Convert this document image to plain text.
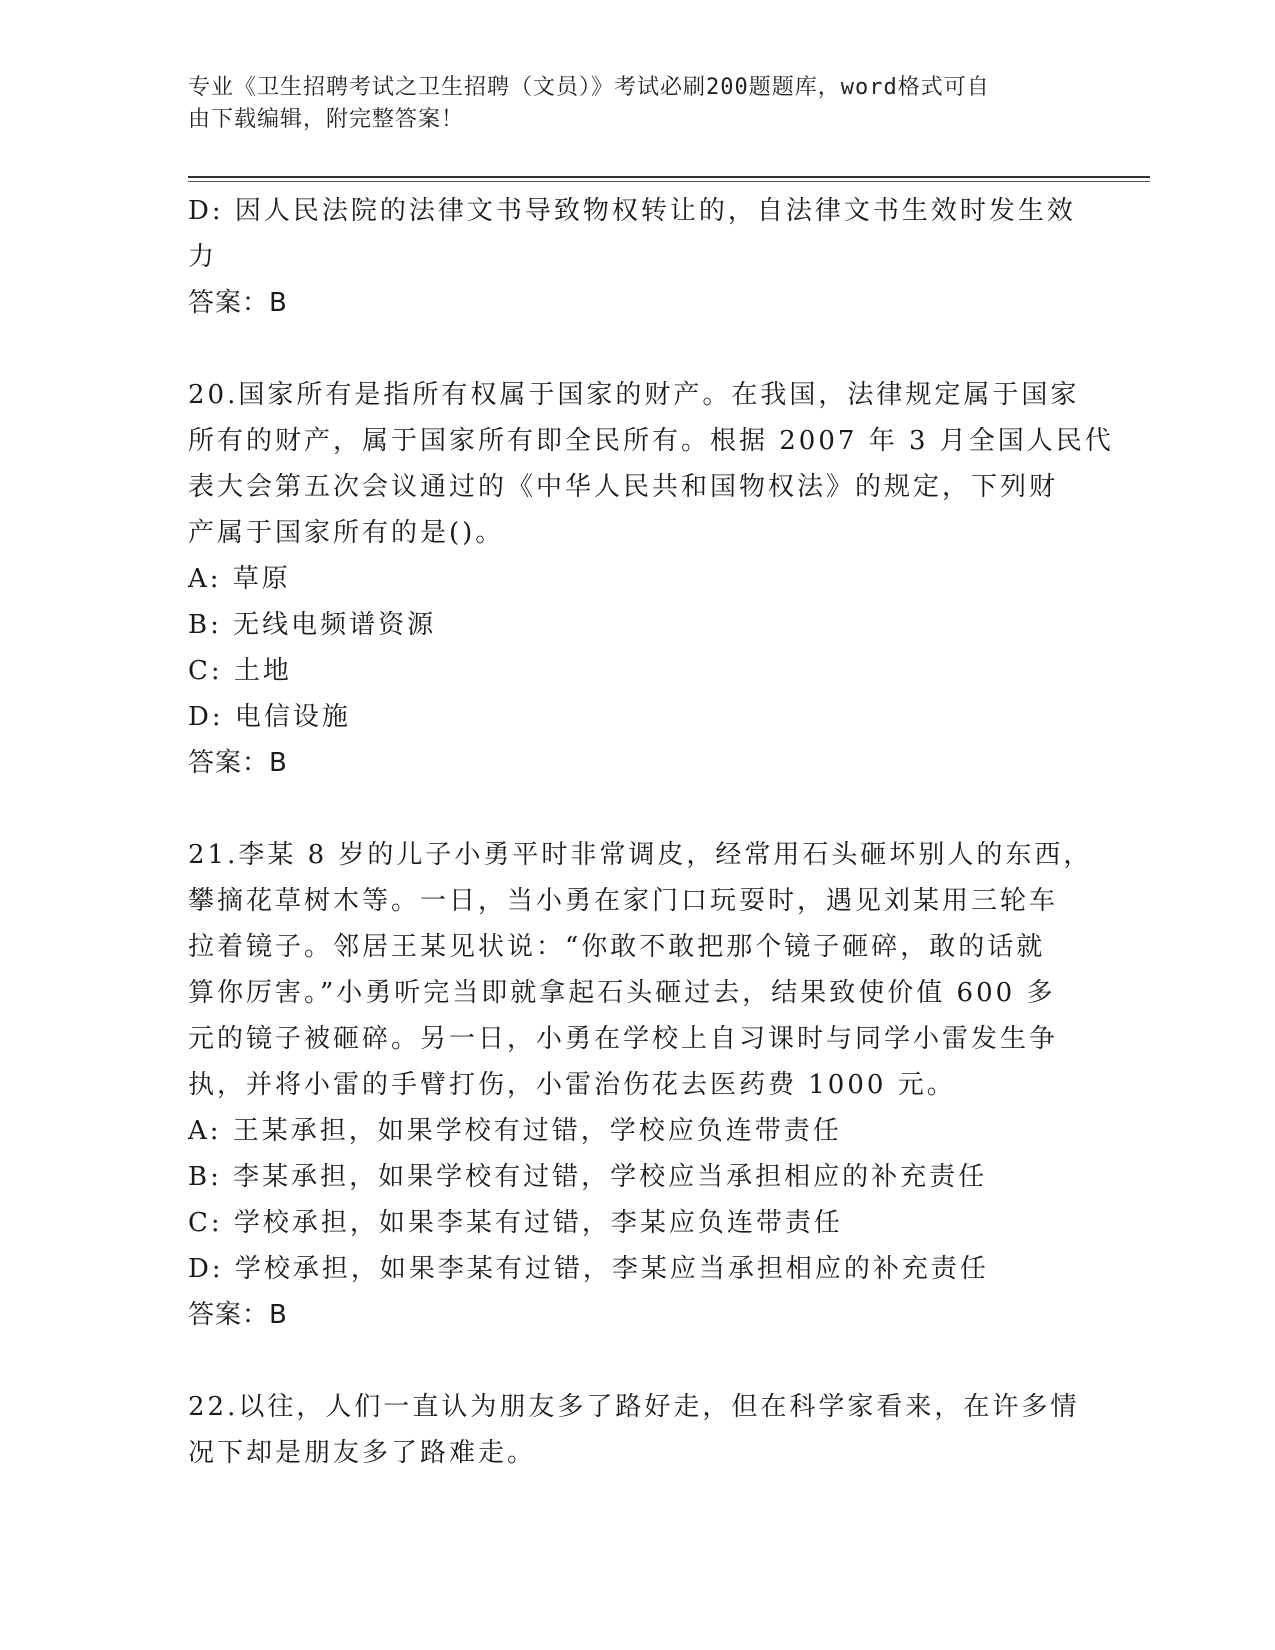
专业《卫生招聘考试之卫生招聘（文员）》考试必刷200题题库，word格式可自
由下载编辑，附完整答案！
D: 因人民法院的法律文书导致物权转让的，自法律文书生效时发生效
力
答案：B
20.国家所有是指所有权属于国家的财产。在我国，法律规定属于国家
所有的财产，属于国家所有即全民所有。根据 2007 年 3 月全国人民代
表大会第五次会议通过的《中华人民共和国物权法》的规定，下列财
产属于国家所有的是()。
A: 草原
B: 无线电频谱资源
C: 土地
D: 电信设施
答案：B
21.李某 8 岁的儿子小勇平时非常调皮，经常用石头砸坏别人的东西，
攀摘花草树木等。一日，当小勇在家门口玩耍时，遇见刘某用三轮车
拉着镜子。邻居王某见状说：“你敢不敢把那个镜子砸碎，敢的话就
算你厉害。”小勇听完当即就拿起石头砸过去，结果致使价值 600 多
元的镜子被砸碎。另一日，小勇在学校上自习课时与同学小雷发生争
执，并将小雷的手臂打伤，小雷治伤花去医药费 1000 元。
A: 王某承担，如果学校有过错，学校应负连带责任
B: 李某承担，如果学校有过错，学校应当承担相应的补充责任
C: 学校承担，如果李某有过错，李某应负连带责任
D: 学校承担，如果李某有过错，李某应当承担相应的补充责任
答案：B
22.以往，人们一直认为朋友多了路好走，但在科学家看来，在许多情
况下却是朋友多了路难走。
